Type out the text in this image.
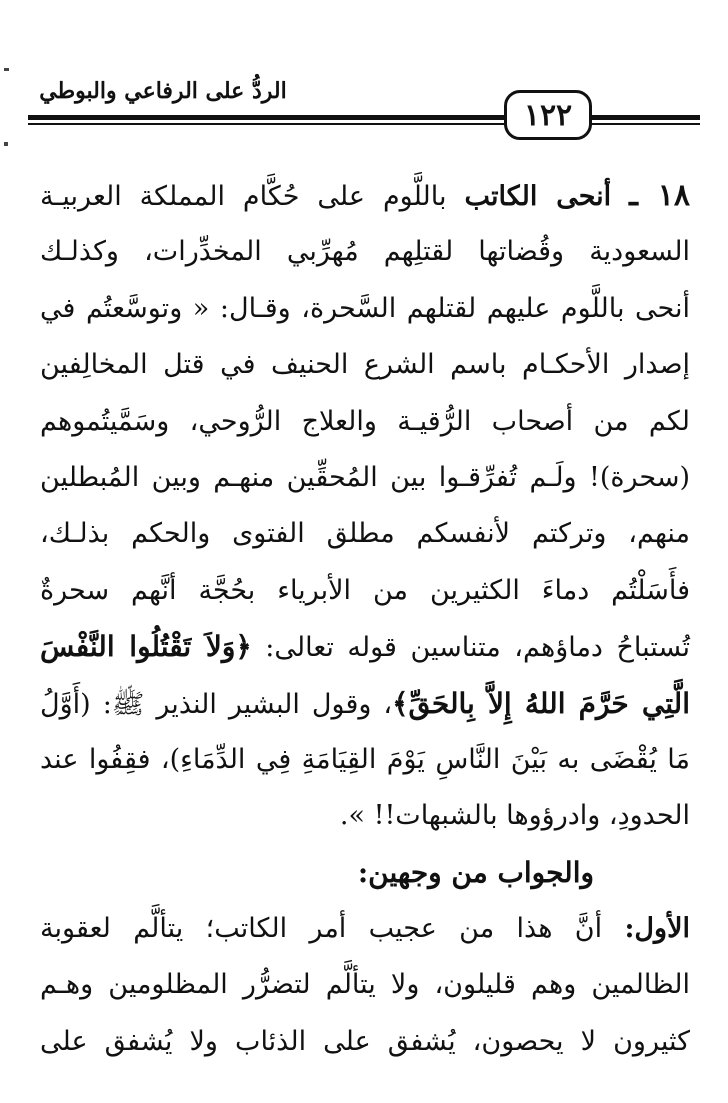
الردُّ على الرفاعي والبوطي
١٢٢
١٨ ـ أنحى الكاتب باللَّوم على حُكَّام المملكة العربيـة
السعودية وقُضاتها لقتلِهم مُهرِّبي المخدِّرات، وكذلـك
أنحى باللَّوم عليهم لقتلهم السَّحرة، وقـال: « وتوسَّعتُم في
إصدار الأحكـام باسم الشرع الحنيف في قتل المخالِفين
لكم من أصحاب الرُّقيـة والعلاج الرُّوحي، وسَمَّيتُموهم
(سحرة)! ولَـم تُفرِّقـوا بين المُحقِّين منهـم وبين المُبطلين
منهم، وتركتم لأنفسكم مطلق الفتوى والحكم بذلـك،
فأَسَلْتُم دماءَ الكثيرين من الأبرياء بحُجَّة أنَّهم سحرةٌ
تُستباحُ دماؤهم، متناسين قوله تعالى: ﴿وَلاَ تَقْتُلُوا النَّفْسَ
الَّتِي حَرَّمَ اللهُ إِلاَّ بِالحَقِّ﴾، وقول البشير النذير ﷺ: (أَوَّلُ
مَا يُقْضَى به بَيْنَ النَّاسِ يَوْمَ القِيَامَةِ فِي الدِّمَاءِ)، فقِفُوا عند
الحدودِ، وادرؤوها بالشبهات!! ».
والجواب من وجهين:
الأول: أنَّ هذا من عجيب أمر الكاتب؛ يتألَّم لعقوبة
الظالمين وهم قليلون، ولا يتألَّم لتضرُّر المظلومين وهـم
كثيرون لا يحصون، يُشفق على الذئاب ولا يُشفق على
